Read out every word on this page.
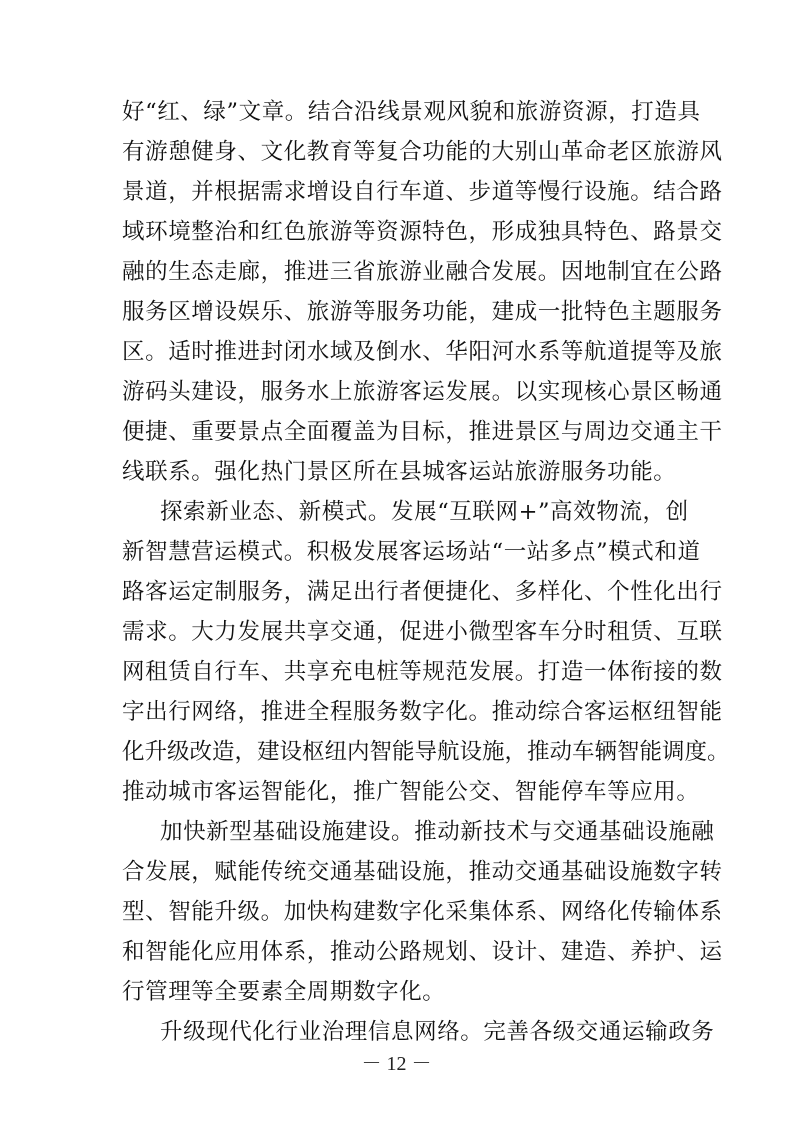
好“红、绿”文章。结合沿线景观风貌和旅游资源，打造具
有游憩健身、文化教育等复合功能的大别山革命老区旅游风
景道，并根据需求增设自行车道、步道等慢行设施。结合路
域环境整治和红色旅游等资源特色，形成独具特色、路景交
融的生态走廊，推进三省旅游业融合发展。因地制宜在公路
服务区增设娱乐、旅游等服务功能，建成一批特色主题服务
区。适时推进封闭水域及倒水、华阳河水系等航道提等及旅
游码头建设，服务水上旅游客运发展。以实现核心景区畅通
便捷、重要景点全面覆盖为目标，推进景区与周边交通主干
线联系。强化热门景区所在县城客运站旅游服务功能。
探索新业态、新模式。发展“互联网+”高效物流，创
新智慧营运模式。积极发展客运场站“一站多点”模式和道
路客运定制服务，满足出行者便捷化、多样化、个性化出行
需求。大力发展共享交通，促进小微型客车分时租赁、互联
网租赁自行车、共享充电桩等规范发展。打造一体衔接的数
字出行网络，推进全程服务数字化。推动综合客运枢纽智能
化升级改造，建设枢纽内智能导航设施，推动车辆智能调度。
推动城市客运智能化，推广智能公交、智能停车等应用。
加快新型基础设施建设。推动新技术与交通基础设施融
合发展，赋能传统交通基础设施，推动交通基础设施数字转
型、智能升级。加快构建数字化采集体系、网络化传输体系
和智能化应用体系，推动公路规划、设计、建造、养护、运
行管理等全要素全周期数字化。
升级现代化行业治理信息网络。完善各级交通运输政务
－ 12 －
